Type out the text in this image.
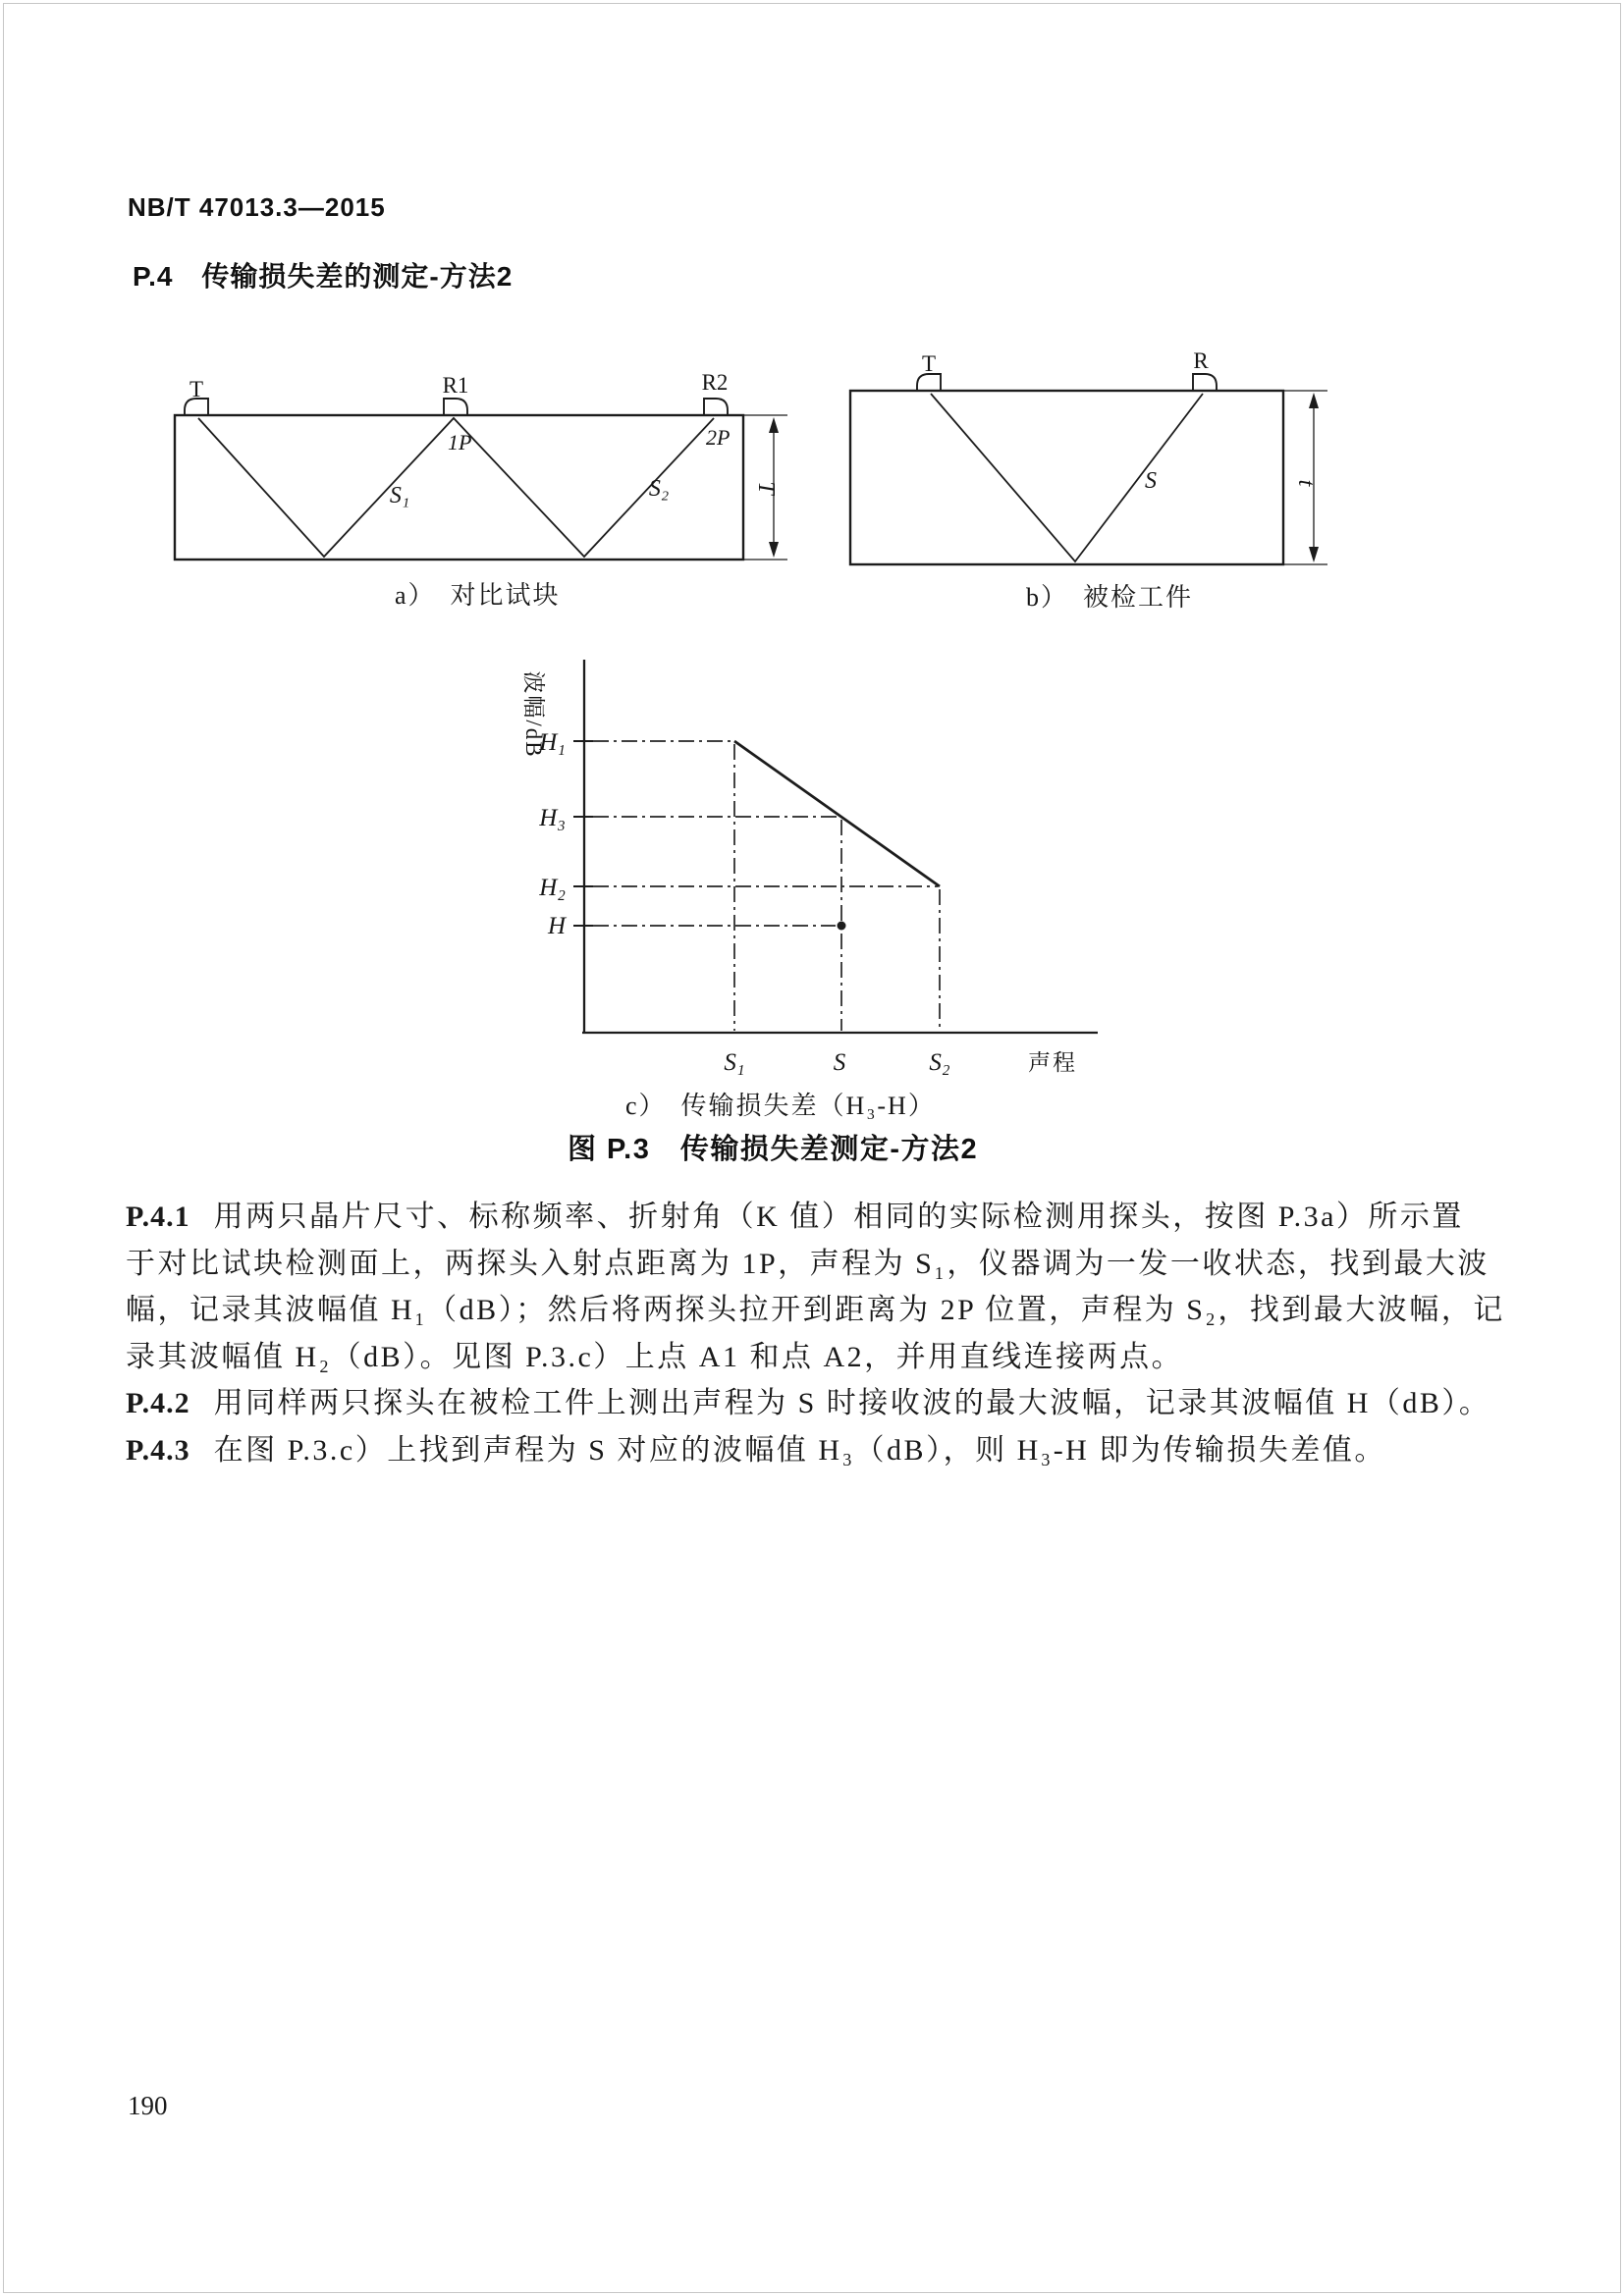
NB/T 47013.3—2015
P.4　传输损失差的测定-方法2
T	R1	R2
1P	2P
S₁	S₂	T
a）　对比试块
T	R
S	t
b）　被检工件
波幅/dB
H₁
H₃
H₂
H
S₁	S	S₂	声程
c）　传输损失差（H₃-H）
图 P.3　传输损失差测定-方法2
P.4.1 用两只晶片尺寸、标称频率、折射角（K 值）相同的实际检测用探头，按图 P.3a）所示置
于对比试块检测面上，两探头入射点距离为 1P，声程为 S₁，仪器调为一发一收状态，找到最大波
幅，记录其波幅值 H₁（dB）；然后将两探头拉开到距离为 2P 位置，声程为 S₂，找到最大波幅，记
录其波幅值 H₂（dB）。见图 P.3.c）上点 A1 和点 A2，并用直线连接两点。
P.4.2 用同样两只探头在被检工件上测出声程为 S 时接收波的最大波幅，记录其波幅值 H（dB）。
P.4.3 在图 P.3.c）上找到声程为 S 对应的波幅值 H₃（dB），则 H₃-H 即为传输损失差值。
190
